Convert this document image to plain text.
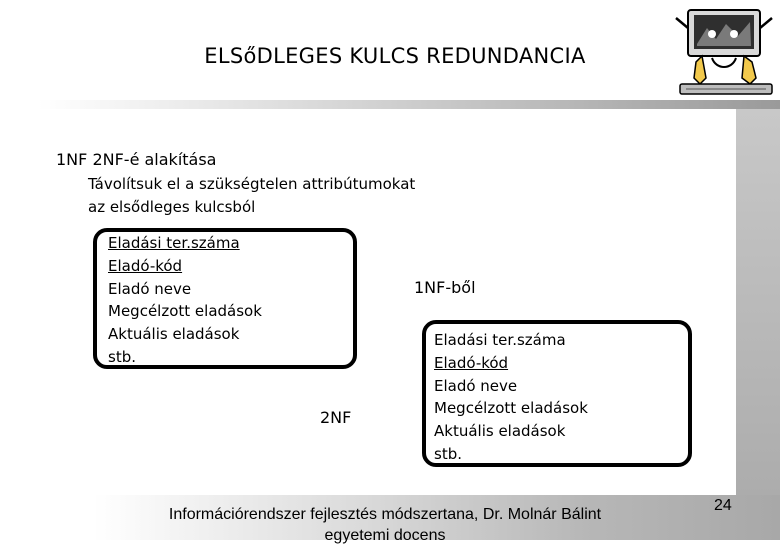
ELSőDLEGES KULCS REDUNDANCIA
1NF 2NF-é alakítása
Távolítsuk el a szükségtelen attribútumokat
az elsődleges kulcsból
Eladási ter.száma
Eladó-kód
Eladó neve
Megcélzott eladások
Aktuális eladások
stb.
1NF-ből
2NF
Eladási ter.száma
Eladó-kód
Eladó neve
Megcélzott eladások
Aktuális eladások
stb.
Információrendszer fejlesztés módszertana, Dr. Molnár Bálint
egyetemi docens
24
